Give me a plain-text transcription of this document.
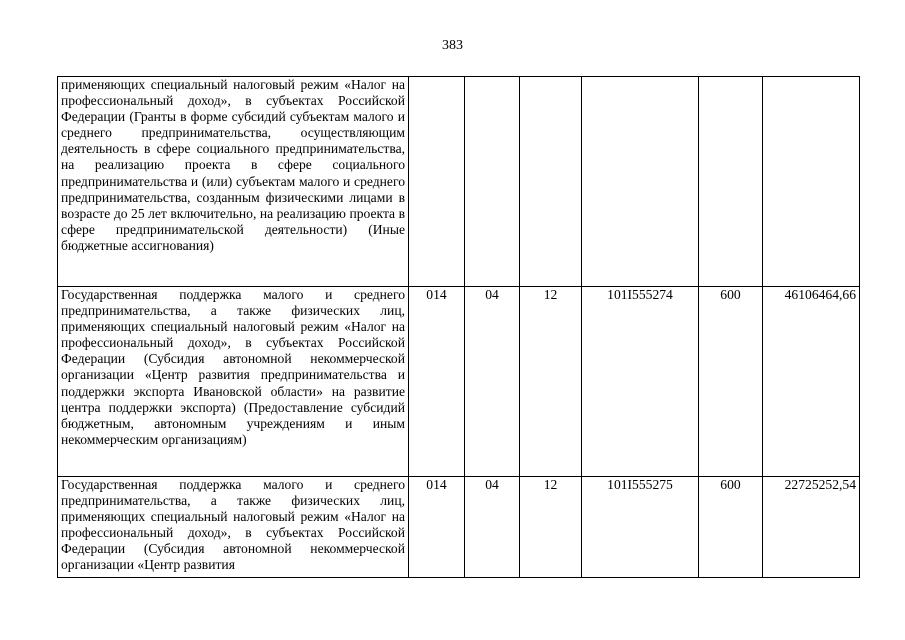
383
применяющих специальный налоговый режим «Налог на профессиональный доход», в субъектах Российской Федерации (Гранты в форме субсидий субъектам малого и среднего предпринимательства, осуществляющим деятельность в сфере социального предпринимательства, на реализацию проекта в сфере социального предпринимательства и (или) субъектам малого и среднего предпринимательства, созданным физическими лицами в возрасте до 25 лет включительно, на реализацию проекта в сфере предпринимательской деятельности) (Иные бюджетные ассигнования)						
Государственная поддержка малого и среднего предпринимательства, а также физических лиц, применяющих специальный налоговый режим «Налог на профессиональный доход», в субъектах Российской Федерации (Субсидия автономной некоммерческой организации «Центр развития предпринимательства и поддержки экспорта Ивановской области» на развитие центра поддержки экспорта) (Предоставление субсидий бюджетным, автономным учреждениям и иным некоммерческим организациям)	014	04	12	101I555274	600	46106464,66
Государственная поддержка малого и среднего предпринимательства, а также физических лиц, применяющих специальный налоговый режим «Налог на профессиональный доход», в субъектах Российской Федерации (Субсидия автономной некоммерческой организации «Центр развития	014	04	12	101I555275	600	22725252,54
